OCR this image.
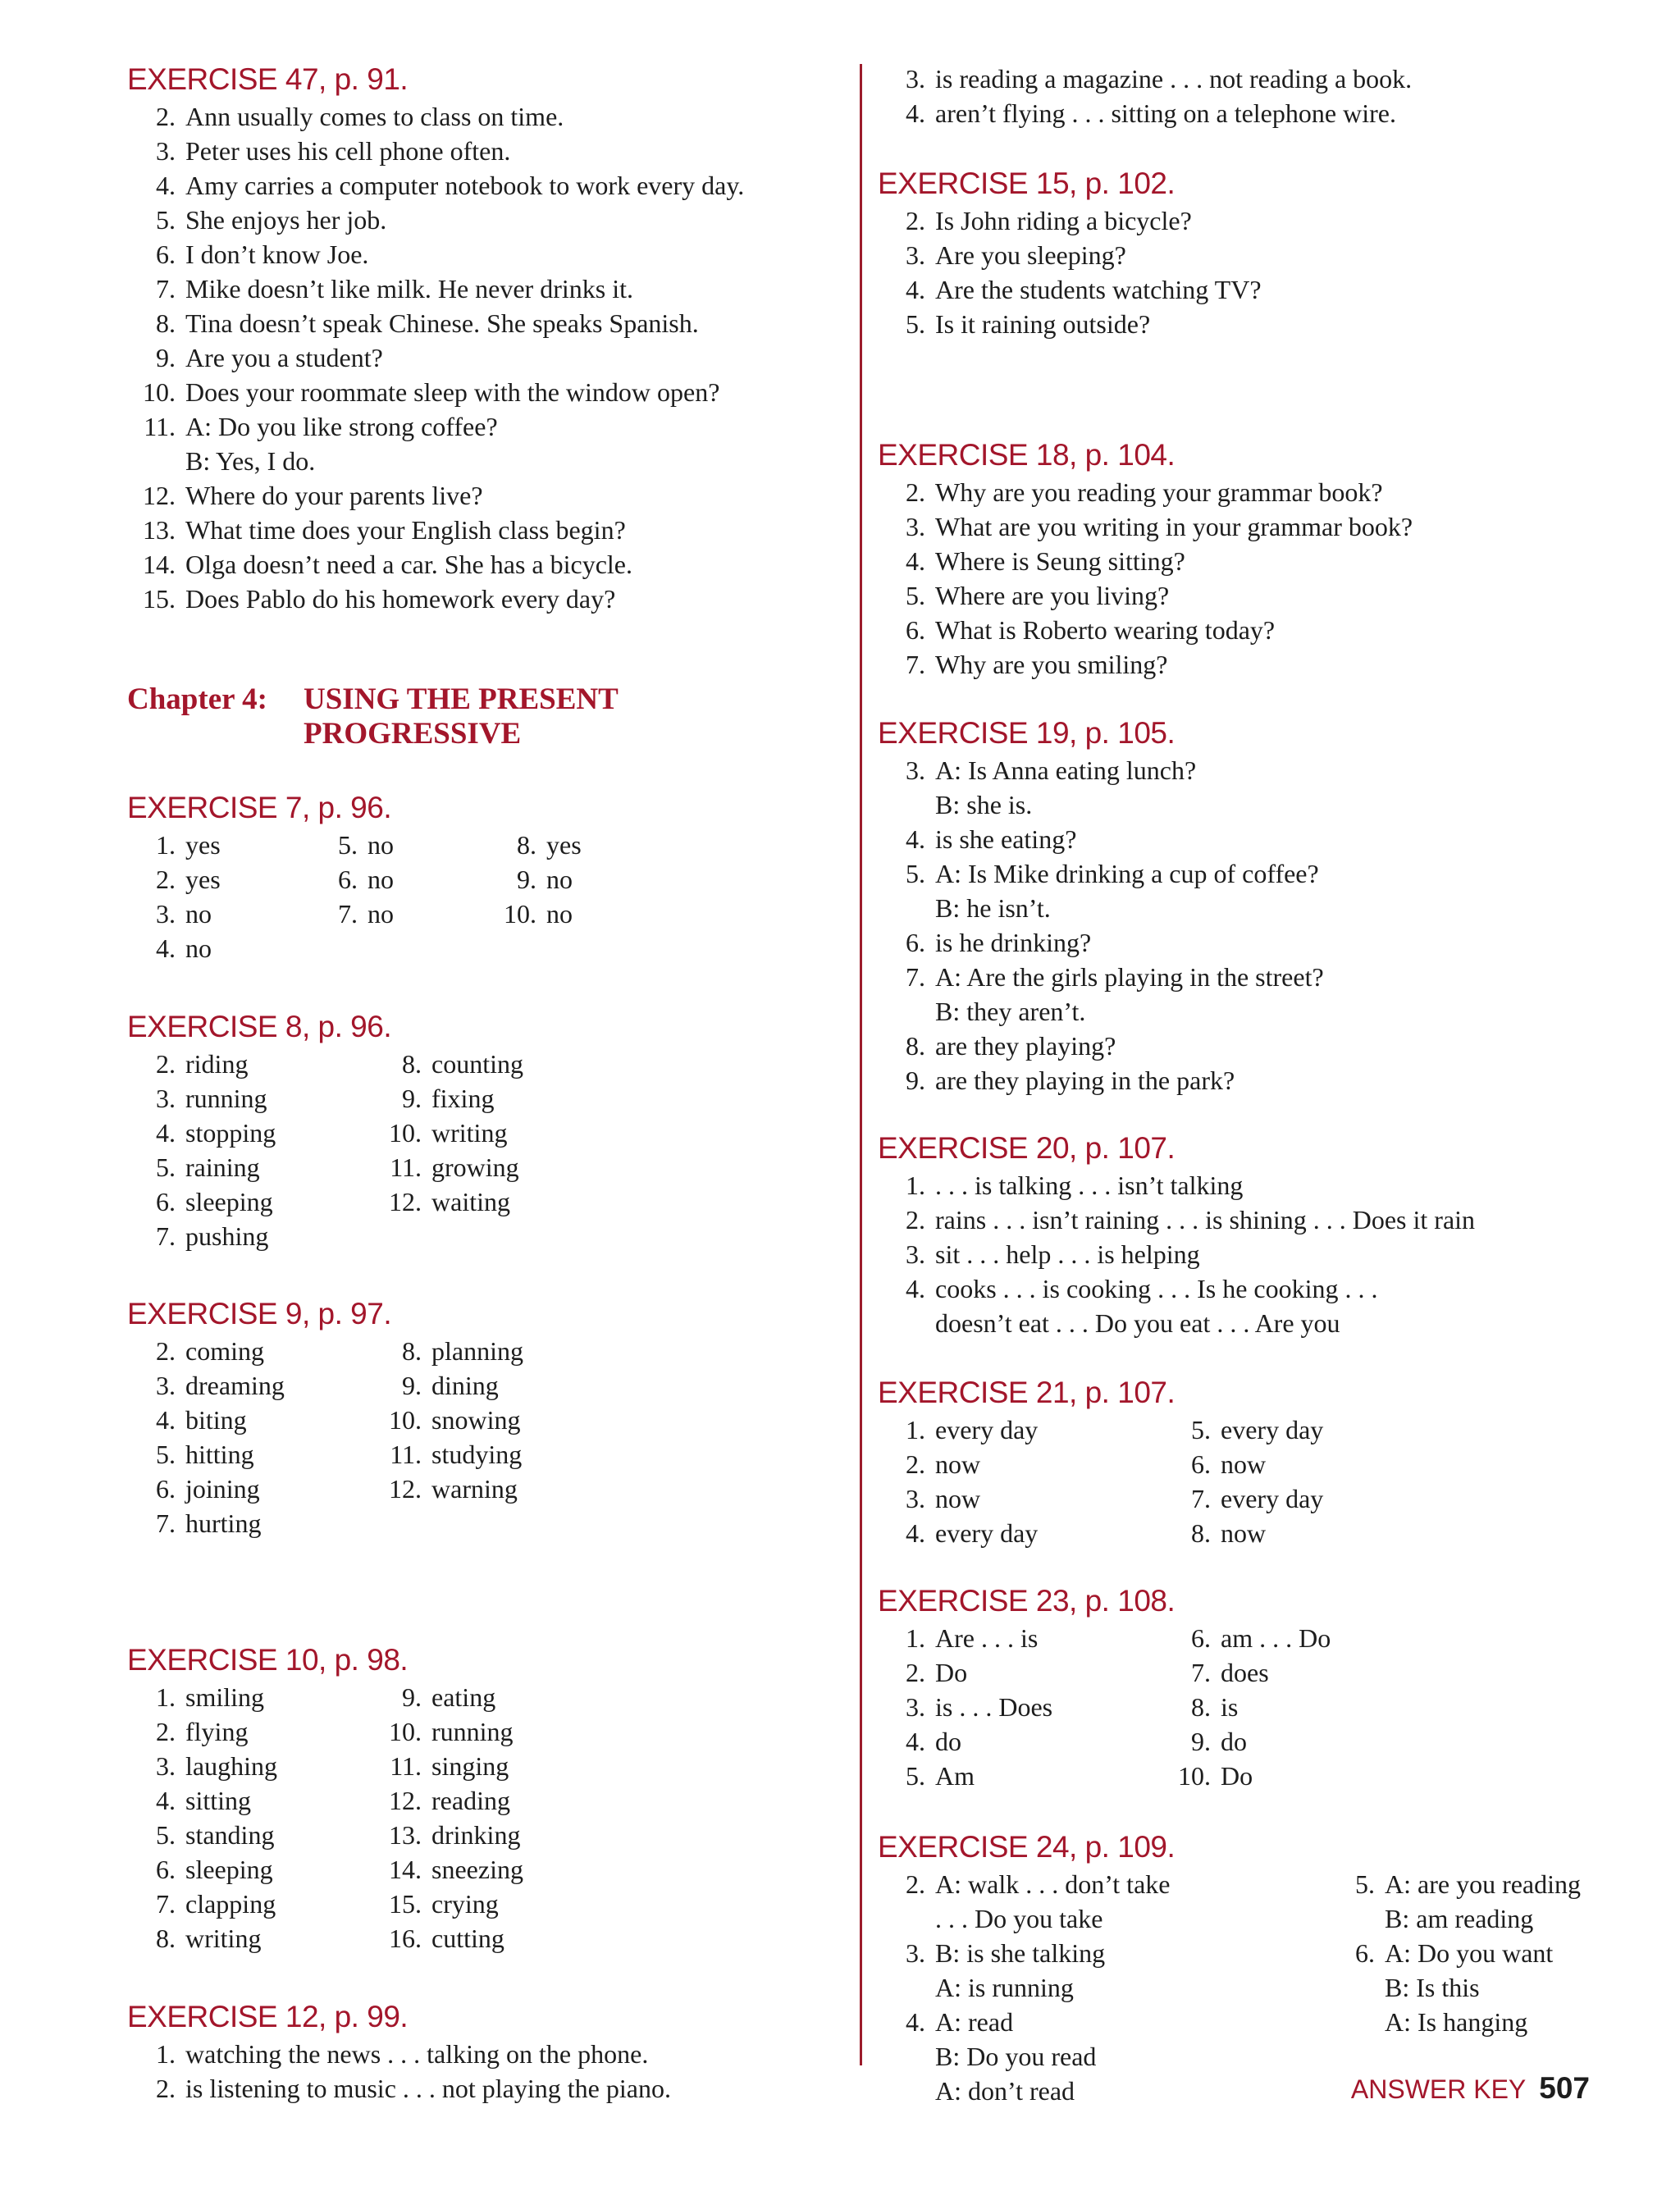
EXERCISE 47, p. 91.
2. Ann usually comes to class on time.
3. Peter uses his cell phone often.
4. Amy carries a computer notebook to work every day.
5. She enjoys her job.
6. I don’t know Joe.
7. Mike doesn’t like milk. He never drinks it.
8. Tina doesn’t speak Chinese. She speaks Spanish.
9. Are you a student?
10. Does your roommate sleep with the window open?
11. A: Do you like strong coffee?
B: Yes, I do.
12. Where do your parents live?
13. What time does your English class begin?
14. Olga doesn’t need a car. She has a bicycle.
15. Does Pablo do his homework every day?
Chapter 4: USING THE PRESENT PROGRESSIVE
EXERCISE 7, p. 96.
1. yes
2. yes
3. no
4. no
5. no
6. no
7. no
8. yes
9. no
10. no
EXERCISE 8, p. 96.
2. riding
3. running
4. stopping
5. raining
6. sleeping
7. pushing
8. counting
9. fixing
10. writing
11. growing
12. waiting
EXERCISE 9, p. 97.
2. coming
3. dreaming
4. biting
5. hitting
6. joining
7. hurting
8. planning
9. dining
10. snowing
11. studying
12. warning
EXERCISE 10, p. 98.
1. smiling
2. flying
3. laughing
4. sitting
5. standing
6. sleeping
7. clapping
8. writing
9. eating
10. running
11. singing
12. reading
13. drinking
14. sneezing
15. crying
16. cutting
EXERCISE 12, p. 99.
1. watching the news . . . talking on the phone.
2. is listening to music . . . not playing the piano.
3. is reading a magazine . . . not reading a book.
4. aren’t flying . . . sitting on a telephone wire.
EXERCISE 15, p. 102.
2. Is John riding a bicycle?
3. Are you sleeping?
4. Are the students watching TV?
5. Is it raining outside?
EXERCISE 18, p. 104.
2. Why are you reading your grammar book?
3. What are you writing in your grammar book?
4. Where is Seung sitting?
5. Where are you living?
6. What is Roberto wearing today?
7. Why are you smiling?
EXERCISE 19, p. 105.
3. A: Is Anna eating lunch?
B: she is.
4. is she eating?
5. A: Is Mike drinking a cup of coffee?
B: he isn’t.
6. is he drinking?
7. A: Are the girls playing in the street?
B: they aren’t.
8. are they playing?
9. are they playing in the park?
EXERCISE 20, p. 107.
1. . . . is talking . . . isn’t talking
2. rains . . . isn’t raining . . . is shining . . . Does it rain
3. sit . . . help . . . is helping
4. cooks . . . is cooking . . . Is he cooking . . .
doesn’t eat . . . Do you eat . . . Are you
EXERCISE 21, p. 107.
1. every day
2. now
3. now
4. every day
5. every day
6. now
7. every day
8. now
EXERCISE 23, p. 108.
1. Are . . . is
2. Do
3. is . . . Does
4. do
5. Am
6. am . . . Do
7. does
8. is
9. do
10. Do
EXERCISE 24, p. 109.
2. A: walk . . . don’t take
. . . Do you take
3. B: is she talking
A: is running
4. A: read
B: Do you read
A: don’t read
5. A: are you reading
B: am reading
6. A: Do you want
B: Is this
A: Is hanging
ANSWER KEY 507
